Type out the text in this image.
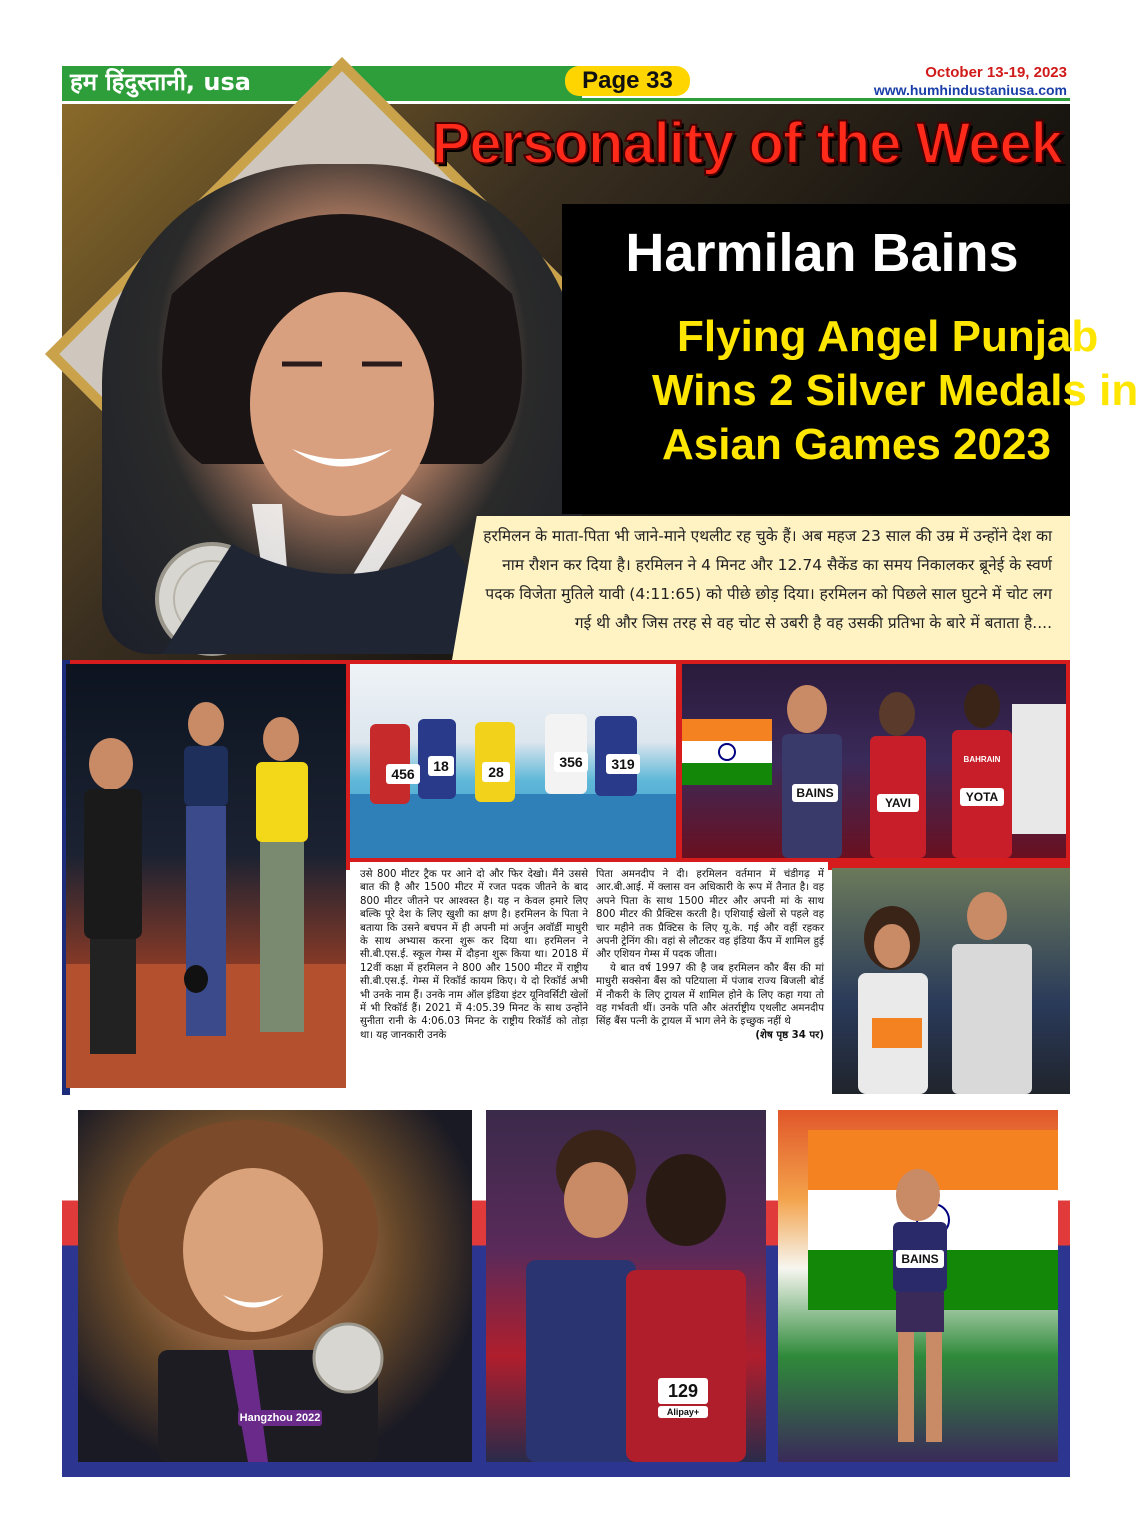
हम हिंदुस्तानी, usa	Page 33	October 13-19, 2023
www.humhindustaniusa.com
Personality of the Week
Harmilan Bains
Flying Angel Punjab
Wins 2 Silver Medals in
Asian Games 2023
हरमिलन के माता-पिता भी जाने-माने एथलीट रह चुके हैं। अब महज 23 साल की उम्र में उन्होंने देश का नाम रौशन कर दिया है। हरमिलन ने 4 मिनट और 12.74 सैकेंड का समय निकालकर ब्रूनेई के स्वर्ण पदक विजेता मुतिले यावी (4:11:65) को पीछे छोड़ दिया। हरमिलन को पिछले साल घुटने में चोट लग गई थी और जिस तरह से वह चोट से उबरी है वह उसकी प्रतिभा के बारे में बताता है....
456	18	28
356	319
BAINS
YAVI	YOTA
BAHRAIN
उसे 800 मीटर ट्रैक पर आने दो और फिर देखो। मैंने उससे बात की है और 1500 मीटर में रजत पदक जीतने के बाद 800 मीटर जीतने पर आश्वस्त है। यह न केवल हमारे लिए बल्कि पूरे देश के लिए खुशी का क्षण है। हरमिलन के पिता ने बताया कि उसने बचपन में ही अपनी मां अर्जुन अवॉर्डी माधुरी के साथ अभ्यास करना शुरू कर दिया था। हरमिलन ने सी.बी.एस.ई. स्कूल गेम्स में दौड़ना शुरू किया था। 2018 में 12वीं कक्षा में हरमिलन ने 800 और 1500 मीटर में राष्ट्रीय सी.बी.एस.ई. गेम्स में रिकॉर्ड कायम किए। ये दो रिकॉर्ड अभी भी उनके नाम हैं। उनके नाम ऑल इंडिया इंटर यूनिवर्सिटी खेलों में भी रिकॉर्ड हैं। 2021 में 4:05.39 मिनट के साथ उन्होंने सुनीता रानी के 4:06.03 मिनट के राष्ट्रीय रिकॉर्ड को तोड़ा था। यह जानकारी उनके
पिता अमनदीप ने दी। हरमिलन वर्तमान में चंडीगढ़ में आर.बी.आई. में क्लास वन अधिकारी के रूप में तैनात है। वह अपने पिता के साथ 1500 मीटर और अपनी मां के साथ 800 मीटर की प्रैक्टिस करती है। एशियाई खेलों से पहले वह चार महीने तक प्रैक्टिस के लिए यू.के. गई और वहीं रहकर अपनी ट्रेनिंग की। वहां से लौटकर वह इंडिया कैंप में शामिल हुई और एशियन गेम्स में पदक जीता।
ये बात वर्ष 1997 की है जब हरमिलन कौर बैंस की मां माधुरी सक्सेना बैंस को पटियाला में पंजाब राज्य बिजली बोर्ड में नौकरी के लिए ट्रायल में शामिल होने के लिए कहा गया तो वह गर्भवती थीं। उनके पति और अंतर्राष्ट्रीय एथलीट अमनदीप सिंह बैंस पत्नी के ट्रायल में भाग लेने के इच्छुक नहीं थे
(शेष पृष्ठ 34 पर)
Hangzhou 2022
129
Alipay+
BAINS
